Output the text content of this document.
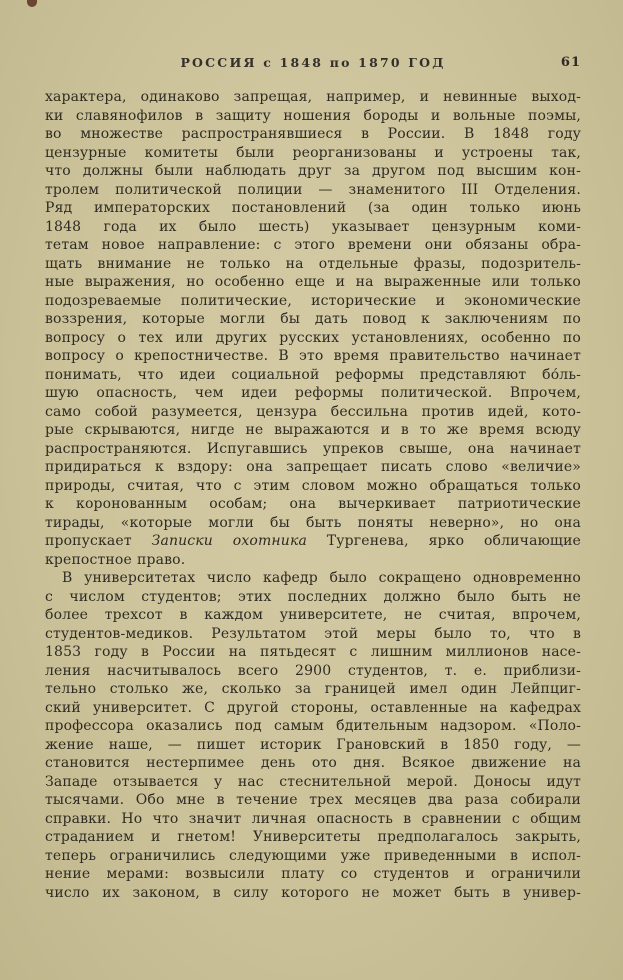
РОССИЯ с 1848 по 1870 ГОД	61
характера, одинаково запрещая, например, и невинные выход-
ки славянофилов в защиту ношения бороды и вольные поэмы,
во множестве распространявшиеся в России. В 1848 году
цензурные комитеты были реорганизованы и устроены так,
что должны были наблюдать друг за другом под высшим кон-
тролем политической полиции — знаменитого III Отделения.
Ряд императорских постановлений (за один только июнь
1848 года их было шесть) указывает цензурным коми-
тетам новое направление: с этого времени они обязаны обра-
щать внимание не только на отдельные фразы, подозритель-
ные выражения, но особенно еще и на выраженные или только
подозреваемые политические, исторические и экономические
воззрения, которые могли бы дать повод к заключениям по
вопросу о тех или других русских установлениях, особенно по
вопросу о крепостничестве. В это время правительство начинает
понимать, что идеи социальной реформы представляют бо́ль-
шую опасность, чем идеи реформы политической. Впрочем,
само собой разумеется, цензура бессильна против идей, кото-
рые скрываются, нигде не выражаются и в то же время всюду
распространяются. Испугавшись упреков свыше, она начинает
придираться к вздору: она запрещает писать слово «величие»
природы, считая, что с этим словом можно обращаться только
к коронованным особам; она вычеркивает патриотические
тирады, «которые могли бы быть поняты неверно», но она
пропускает Записки охотника Тургенева, ярко обличающие
крепостное право.
В университетах число кафедр было сокращено одновременно
с числом студентов; этих последних должно было быть не
более трехсот в каждом университете, не считая, впрочем,
студентов-медиков. Результатом этой меры было то, что в
1853 году в России на пятьдесят с лишним миллионов насе-
ления насчитывалось всего 2900 студентов, т. е. приблизи-
тельно столько же, сколько за границей имел один Лейпциг-
ский университет. С другой стороны, оставленные на кафедрах
профессора оказались под самым бдительным надзором. «Поло-
жение наше, — пишет историк Грановский в 1850 году, —
становится нестерпимее день ото дня. Всякое движение на
Западе отзывается у нас стеснительной мерой. Доносы идут
тысячами. Обо мне в течение трех месяцев два раза собирали
справки. Но что значит личная опасность в сравнении с общим
страданием и гнетом! Университеты предполагалось закрыть,
теперь ограничились следующими уже приведенными в испол-
нение мерами: возвысили плату со студентов и ограничили
число их законом, в силу которого не может быть в универ-
